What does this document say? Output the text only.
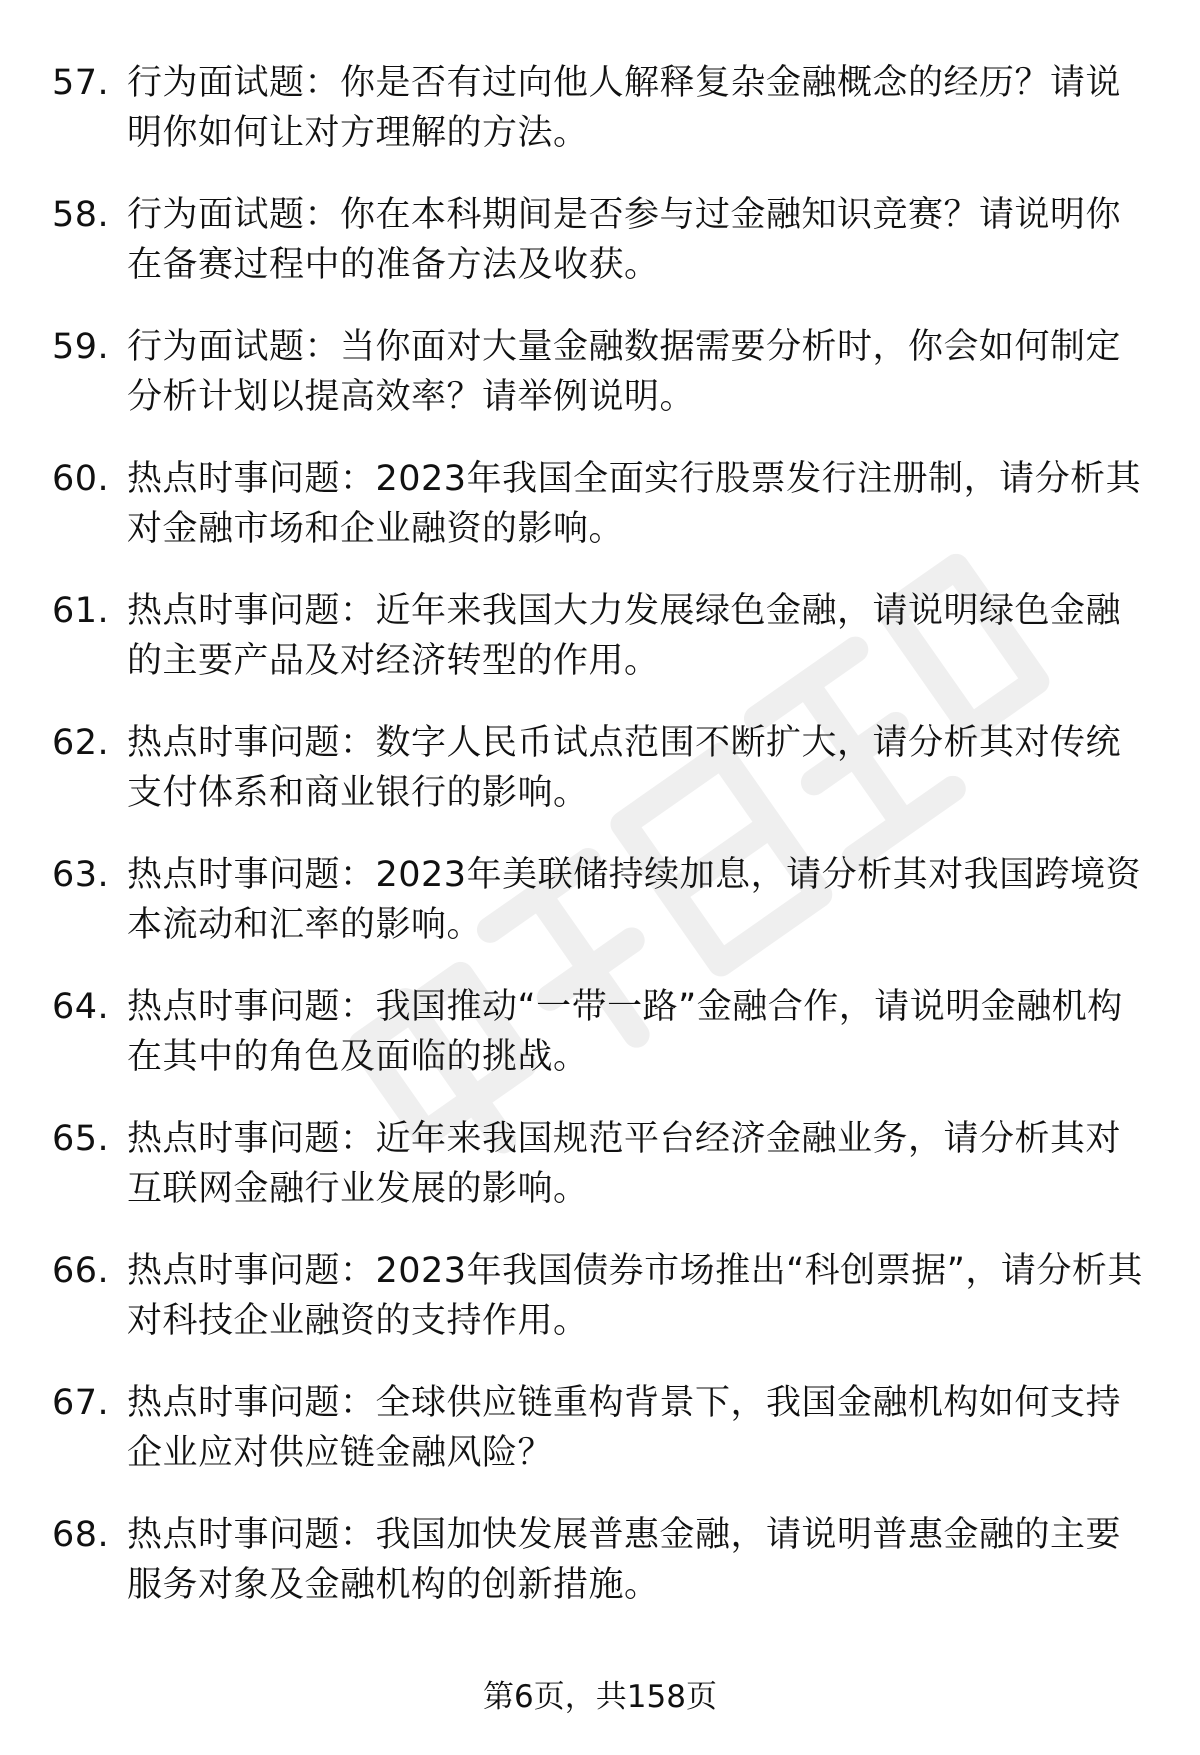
57. 行为面试题：你是否有过向他人解释复杂金融概念的经历？请说明你如何让对方理解的方法。
58. 行为面试题：你在本科期间是否参与过金融知识竞赛？请说明你在备赛过程中的准备方法及收获。
59. 行为面试题：当你面对大量金融数据需要分析时，你会如何制定分析计划以提高效率？请举例说明。
60. 热点时事问题：2023年我国全面实行股票发行注册制，请分析其对金融市场和企业融资的影响。
61. 热点时事问题：近年来我国大力发展绿色金融，请说明绿色金融的主要产品及对经济转型的作用。
62. 热点时事问题：数字人民币试点范围不断扩大，请分析其对传统支付体系和商业银行的影响。
63. 热点时事问题：2023年美联储持续加息，请分析其对我国跨境资本流动和汇率的影响。
64. 热点时事问题：我国推动“一带一路”金融合作，请说明金融机构在其中的角色及面临的挑战。
65. 热点时事问题：近年来我国规范平台经济金融业务，请分析其对互联网金融行业发展的影响。
66. 热点时事问题：2023年我国债券市场推出“科创票据”，请分析其对科技企业融资的支持作用。
67. 热点时事问题：全球供应链重构背景下，我国金融机构如何支持企业应对供应链金融风险？
68. 热点时事问题：我国加快发展普惠金融，请说明普惠金融的主要服务对象及金融机构的创新措施。
第6页，共158页
